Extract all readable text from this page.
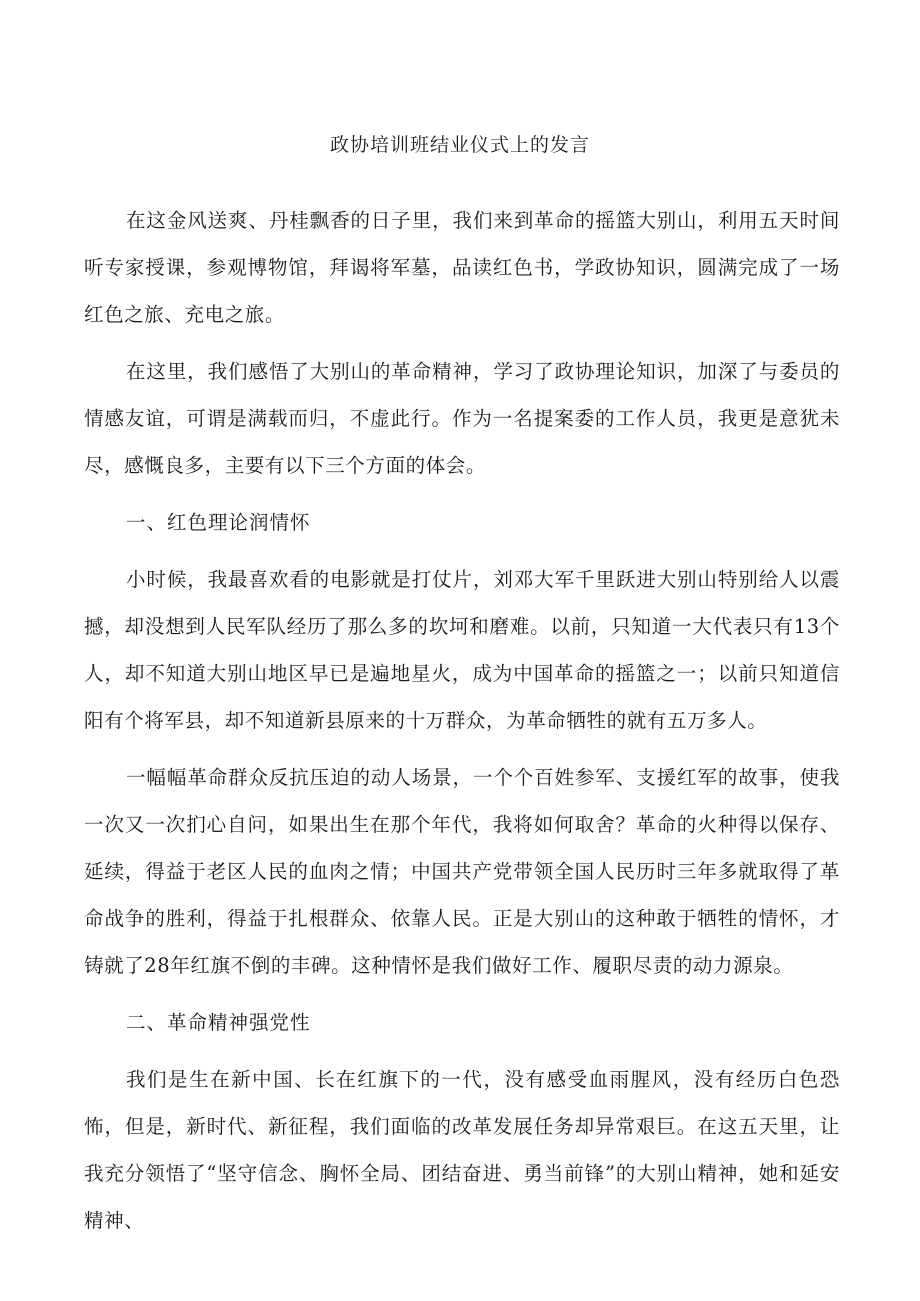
政协培训班结业仪式上的发言

在这金风送爽、丹桂飘香的日子里，我们来到革命的摇篮大别山，利用五天时间听专家授课，参观博物馆，拜谒将军墓，品读红色书，学政协知识，圆满完成了一场红色之旅、充电之旅。

在这里，我们感悟了大别山的革命精神，学习了政协理论知识，加深了与委员的情感友谊，可谓是满载而归，不虚此行。作为一名提案委的工作人员，我更是意犹未尽，感慨良多，主要有以下三个方面的体会。

一、红色理论润情怀

小时候，我最喜欢看的电影就是打仗片，刘邓大军千里跃进大别山特别给人以震撼，却没想到人民军队经历了那么多的坎坷和磨难。以前，只知道一大代表只有13个人，却不知道大别山地区早已是遍地星火，成为中国革命的摇篮之一；以前只知道信阳有个将军县，却不知道新县原来的十万群众，为革命牺牲的就有五万多人。

一幅幅革命群众反抗压迫的动人场景，一个个百姓参军、支援红军的故事，使我一次又一次扪心自问，如果出生在那个年代，我将如何取舍？革命的火种得以保存、延续，得益于老区人民的血肉之情；中国共产党带领全国人民历时三年多就取得了革命战争的胜利，得益于扎根群众、依靠人民。正是大别山的这种敢于牺牲的情怀，才铸就了28年红旗不倒的丰碑。这种情怀是我们做好工作、履职尽责的动力源泉。

二、革命精神强党性

我们是生在新中国、长在红旗下的一代，没有感受血雨腥风，没有经历白色恐怖，但是，新时代、新征程，我们面临的改革发展任务却异常艰巨。在这五天里，让我充分领悟了“坚守信念、胸怀全局、团结奋进、勇当前锋”的大别山精神，她和延安精神、
